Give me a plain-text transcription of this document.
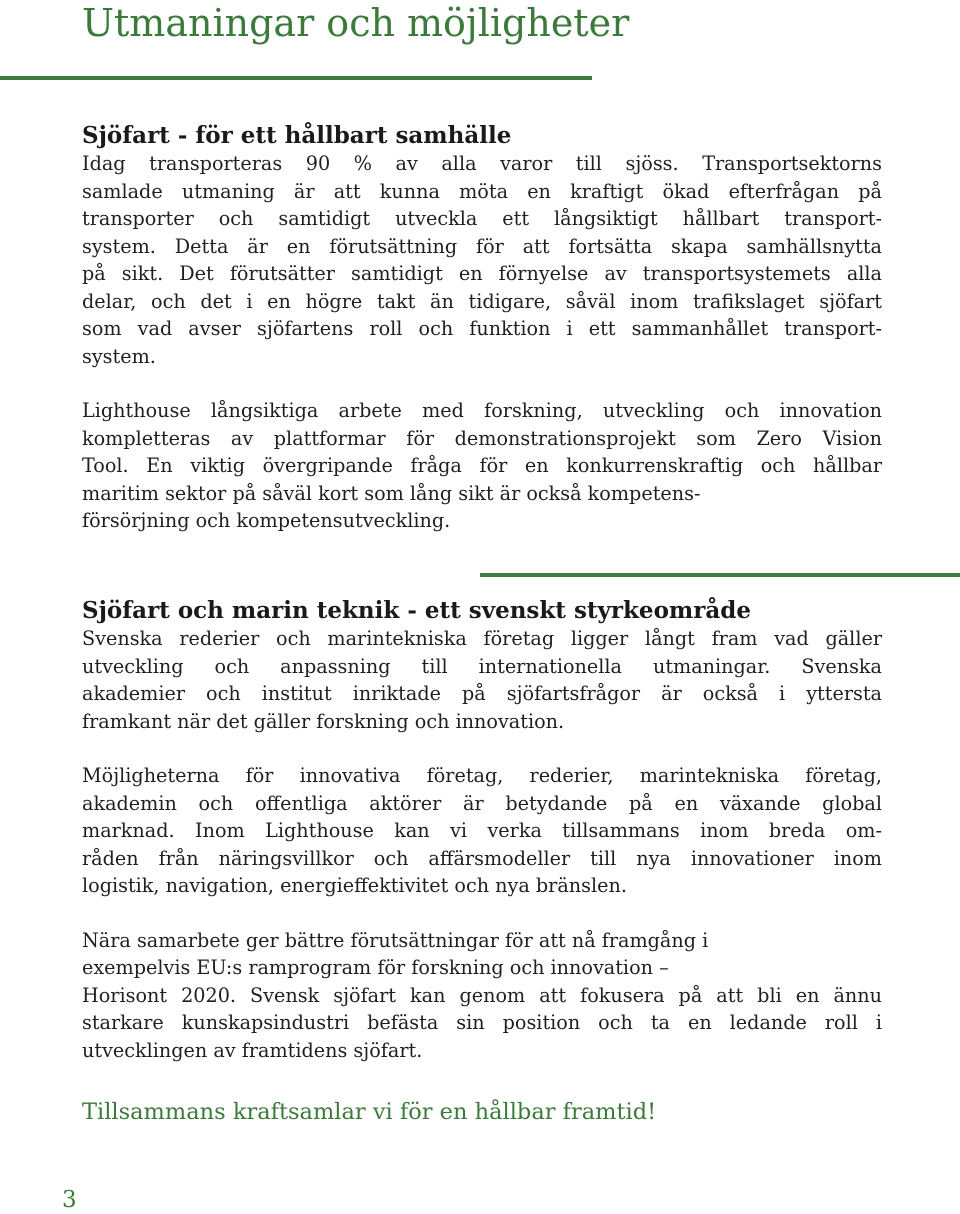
Utmaningar och möjligheter
Sjöfart - för ett hållbart samhälle

Idag transporteras 90 % av alla varor till sjöss. Transportsektorns
samlade utmaning är att kunna möta en kraftigt ökad efterfrågan på
transporter och samtidigt utveckla ett långsiktigt hållbart transport-
system. Detta är en förutsättning för att fortsätta skapa samhällsnytta
på sikt. Det förutsätter samtidigt en förnyelse av transportsystemets alla
delar, och det i en högre takt än tidigare, såväl inom trafikslaget sjöfart
som vad avser sjöfartens roll och funktion i ett sammanhållet transport-
system.

Lighthouse långsiktiga arbete med forskning, utveckling och innovation
kompletteras av plattformar för demonstrationsprojekt som Zero Vision
Tool. En viktig övergripande fråga för en konkurrenskraftig och hållbar
maritim sektor på såväl kort som lång sikt är också kompetens-
försörjning och kompetensutveckling.

Sjöfart och marin teknik - ett svenskt styrkeområde

Svenska rederier och marintekniska företag ligger långt fram vad gäller
utveckling och anpassning till internationella utmaningar. Svenska
akademier och institut inriktade på sjöfartsfrågor är också i yttersta
framkant när det gäller forskning och innovation.

Möjligheterna för innovativa företag, rederier, marintekniska företag,
akademin och offentliga aktörer är betydande på en växande global
marknad. Inom Lighthouse kan vi verka tillsammans inom breda om-
råden från näringsvillkor och affärsmodeller till nya innovationer inom
logistik, navigation, energieffektivitet och nya bränslen.

Nära samarbete ger bättre förutsättningar för att nå framgång i
exempelvis EU:s ramprogram för forskning och innovation –
Horisont 2020. Svensk sjöfart kan genom att fokusera på att bli en ännu
starkare kunskapsindustri befästa sin position och ta en ledande roll i
utvecklingen av framtidens sjöfart.

Tillsammans kraftsamlar vi för en hållbar framtid!

3
